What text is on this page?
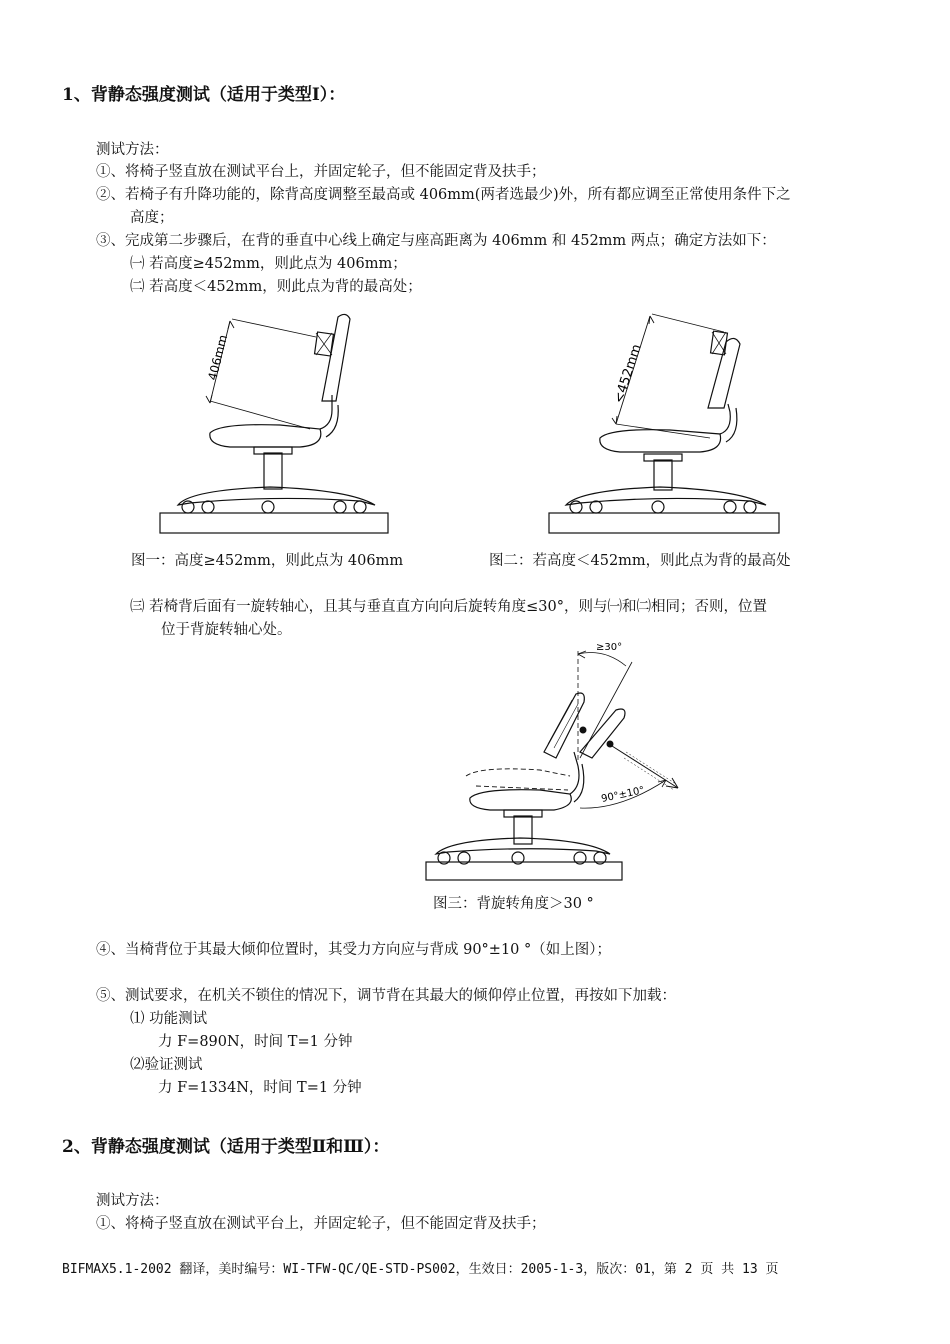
1、背静态强度测试（适用于类型Ⅰ）：
测试方法：
①、将椅子竖直放在测试平台上，并固定轮子，但不能固定背及扶手；
②、若椅子有升降功能的，除背高度调整至最高或 406mm(两者选最少)外，所有都应调至正常使用条件下之
高度；
③、完成第二步骤后，在背的垂直中心线上确定与座高距离为 406mm 和 452mm 两点；确定方法如下：
㈠ 若高度≥452mm，则此点为 406mm；
㈡ 若高度＜452mm，则此点为背的最高处；
406mm
图一：高度≥452mm，则此点为 406mm
<452mm
图二：若高度＜452mm，则此点为背的最高处
㈢ 若椅背后面有一旋转轴心，且其与垂直直方向向后旋转角度≤30°，则与㈠和㈡相同；否则，位置
位于背旋转轴心处。
≥30°
90°±10°
图三：背旋转角度＞30 °
④、当椅背位于其最大倾仰位置时，其受力方向应与背成 90°±10 °（如上图）；
⑤、测试要求，在机关不锁住的情况下，调节背在其最大的倾仰停止位置，再按如下加载：
⑴ 功能测试
力 F=890N，时间 T=1 分钟
⑵验证测试
力 F=1334N，时间 T=1 分钟
2、背静态强度测试（适用于类型Ⅱ和Ⅲ）：
测试方法：
①、将椅子竖直放在测试平台上，并固定轮子，但不能固定背及扶手；
BIFMAX5.1-2002 翻译，美时编号：WI-TFW-QC/QE-STD-PS002，生效日：2005-1-3，版次：01，第 2 页 共 13 页
